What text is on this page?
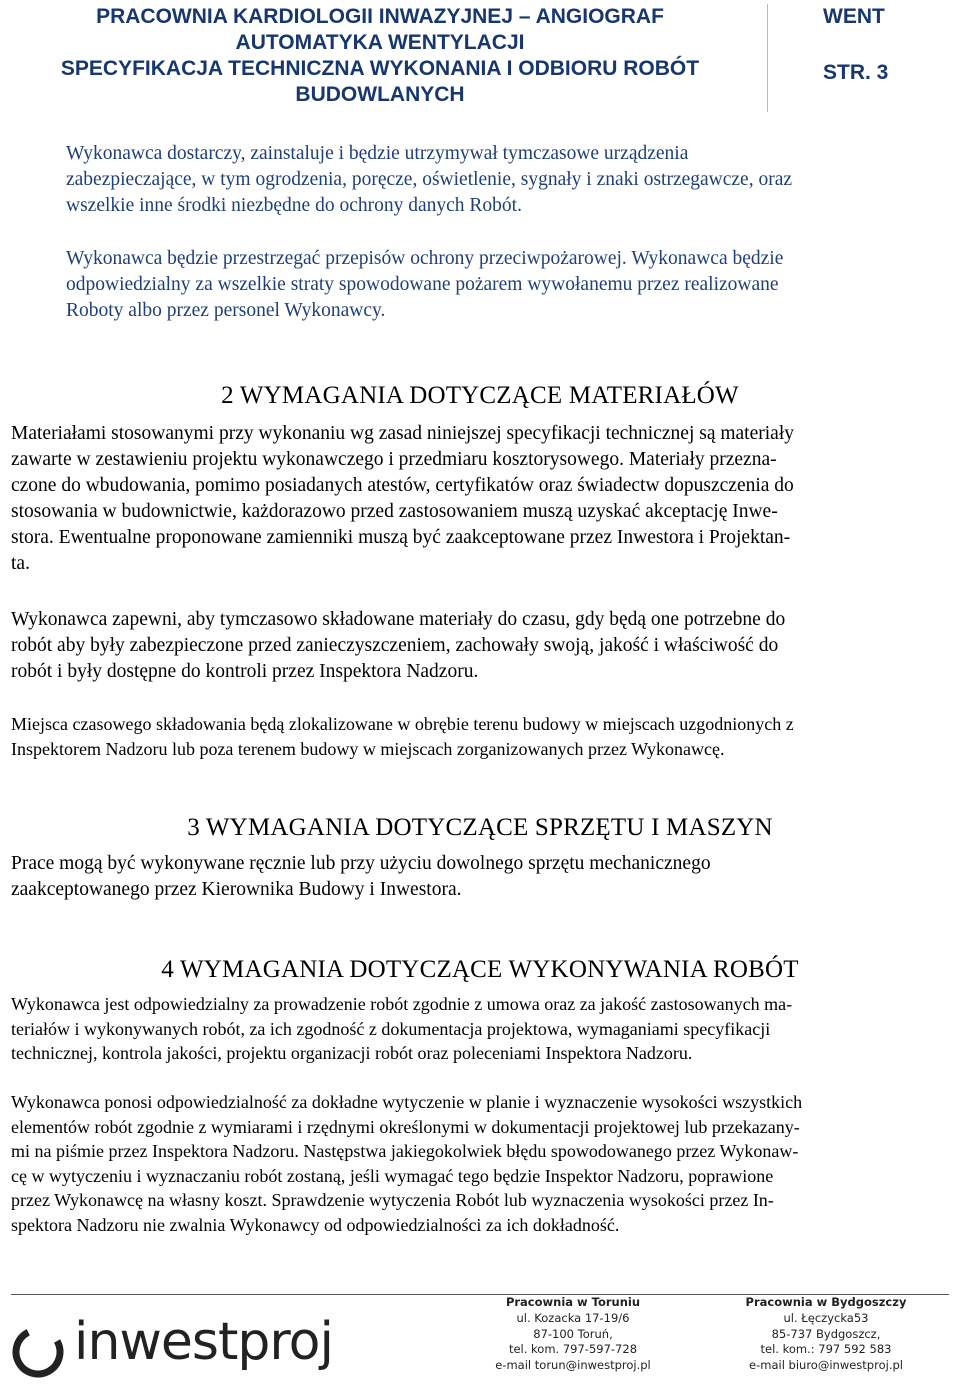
PRACOWNIA KARDIOLOGII INWAZYJNEJ – ANGIOGRAF
AUTOMATYKA WENTYLACJI
SPECYFIKACJA TECHNICZNA WYKONANIA I ODBIORU ROBÓT
BUDOWLANYCH
WENT
STR. 3
Wykonawca dostarczy, zainstaluje i będzie utrzymywał tymczasowe urządzenia
zabezpieczające, w tym ogrodzenia, poręcze, oświetlenie, sygnały i znaki ostrzegawcze, oraz
wszelkie inne środki niezbędne do ochrony danych Robót.
Wykonawca będzie przestrzegać przepisów ochrony przeciwpożarowej. Wykonawca będzie
odpowiedzialny za wszelkie straty spowodowane pożarem wywołanemu przez realizowane
Roboty albo przez personel Wykonawcy.
2 WYMAGANIA DOTYCZĄCE MATERIAŁÓW
Materiałami stosowanymi przy wykonaniu wg zasad niniejszej specyfikacji technicznej są materiały
zawarte w zestawieniu projektu wykonawczego i przedmiaru kosztorysowego. Materiały przezna-
czone do wbudowania, pomimo posiadanych atestów, certyfikatów oraz świadectw dopuszczenia do
stosowania w budownictwie, każdorazowo przed zastosowaniem muszą uzyskać akceptację Inwe-
stora. Ewentualne proponowane zamienniki muszą być zaakceptowane przez Inwestora i Projektan-
ta.
Wykonawca zapewni, aby tymczasowo składowane materiały do czasu, gdy będą one potrzebne do
robót aby były zabezpieczone przed zanieczyszczeniem, zachowały swoją, jakość i właściwość do
robót i były dostępne do kontroli przez Inspektora Nadzoru.
Miejsca czasowego składowania będą zlokalizowane w obrębie terenu budowy w miejscach uzgodnionych z
Inspektorem Nadzoru lub poza terenem budowy w miejscach zorganizowanych przez Wykonawcę.
3 WYMAGANIA DOTYCZĄCE SPRZĘTU I MASZYN
Prace mogą być wykonywane ręcznie lub przy użyciu dowolnego sprzętu mechanicznego
zaakceptowanego przez Kierownika Budowy i Inwestora.
4 WYMAGANIA DOTYCZĄCE WYKONYWANIA ROBÓT
Wykonawca jest odpowiedzialny za prowadzenie robót zgodnie z umowa oraz za jakość zastosowanych ma-
teriałów i wykonywanych robót, za ich zgodność z dokumentacja projektowa, wymaganiami specyfikacji
technicznej, kontrola jakości, projektu organizacji robót oraz poleceniami Inspektora Nadzoru.
Wykonawca ponosi odpowiedzialność za dokładne wytyczenie w planie i wyznaczenie wysokości wszystkich
elementów robót zgodnie z wymiarami i rzędnymi określonymi w dokumentacji projektowej lub przekazany-
mi na piśmie przez Inspektora Nadzoru. Następstwa jakiegokolwiek błędu spowodowanego przez Wykonaw-
cę w wytyczeniu i wyznaczaniu robót zostaną, jeśli wymagać tego będzie Inspektor Nadzoru, poprawione
przez Wykonawcę na własny koszt. Sprawdzenie wytyczenia Robót lub wyznaczenia wysokości przez In-
spektora Nadzoru nie zwalnia Wykonawcy od odpowiedzialności za ich dokładność.
inwestproj
Pracownia w Toruniu
ul. Kozacka 17-19/6
87-100 Toruń,
tel. kom. 797-597-728
e-mail torun@inwestproj.pl
Pracownia w Bydgoszczy
ul. Łęczycka53
85-737 Bydgoszcz,
tel. kom.: 797 592 583
e-mail biuro@inwestproj.pl
